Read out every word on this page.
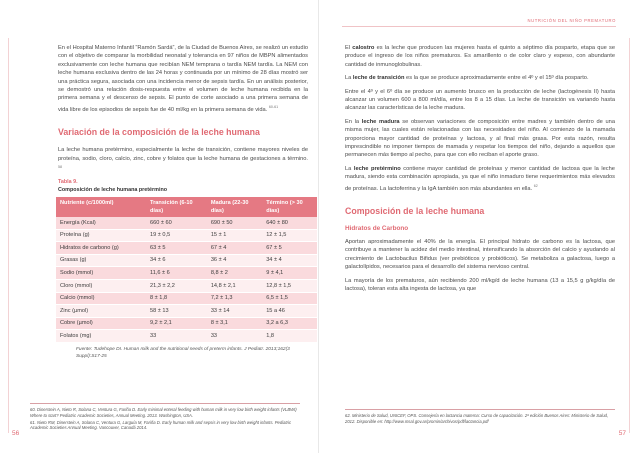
NUTRICIÓN DEL NIÑO PREMATURO

En el Hospital Materno Infantil “Ramón Sardá”, de la Ciudad de Buenos Aires, se realizó un estudio con el objetivo de comparar la morbilidad neonatal y tolerancia en 97 niños de MBPN alimentados exclusivamente con leche humana que recibían NEM temprana o tardía NEM tardía. La NEM con leche humana exclusiva dentro de las 24 horas y continuada por un mínimo de 28 días mostró ser una práctica segura, asociada con una incidencia menor de sepsis tardía. En un análisis posterior, se demostró una relación dosis-respuesta entre el volumen de leche humana recibida en la primera semana y el descenso de sepsis. El punto de corte asociado a una primera semana de vida libre de los episodios de sepsis fue de 40 ml/kg en la primera semana de vida. $^{60-61}$

Variación de la composición de la leche humana

La leche humana pretérmino, especialmente la leche de transición, contiene mayores niveles de proteína, sodio, cloro, calcio, zinc, cobre y folatos que la leche humana de gestaciones a término. $^{58}$

Tabla 9.
Composición de leche humana pretérmino
Nutriente (c/1000ml)	Transición (6-10 días)	Madura (22-30 días)	Término (> 30 días)
Energía (Kcal)	660 ± 60	690 ± 50	640 ± 80
Proteína (g)	19 ± 0,5	15 ± 1	12 ± 1,5
Hidratos de carbono (g)	63 ± 5	67 ± 4	67 ± 5
Grasas (g)	34 ± 6	36 ± 4	34 ± 4
Sodio (mmol)	11,6 ± 6	8,8 ± 2	9 ± 4,1
Cloro (mmol)	21,3 ± 2,2	14,8 ± 2,1	12,8 ± 1,5
Calcio (mmol)	8 ± 1,8	7,2 ± 1,3	6,5 ± 1,5
Zinc (µmol)	58 ± 13	33 ± 14	15 a 46
Cobre (µmol)	9,2 ± 2,1	8 ± 3,1	3,2 a 6,3
Folatos (mg)	33	33	1,8
Fuente: Tudehope DI. Human milk and the nutritional needs of preterm infants. J Pediatr. 2013;162(3 Suppl):S17-25
60. Dinerstein A, Nieto R, Solana C, Ventura G, Fariña D. Early minimal enteral feeding with human milk in very low birth weight infants (VLBWI) Where to start? Pediatric Academic Societies, Annual Meeting. 2013. Washington, USA.
61. Nieto RM, Dinerstein A, Solana C, Ventura G, Larguía M, Fariña D. Early human milk and sepsis in very low birth weight infants. Pediatric Academic Societies Annual Meeting. Vancouver, Canadá 2014.
56

El calostro es la leche que producen las mujeres hasta el quinto a séptimo día posparto, etapa que se produce el ingreso de los niños prematuros. Es amarillento o de color claro y espeso, con abundante cantidad de inmunoglobulinas.

La leche de transición es la que se produce aproximadamente entre el 4º y el 15º día posparto.

Entre el 4º y el 6º día se produce un aumento brusco en la producción de leche (lactogénesis II) hasta alcanzar un volumen 600 a 800 ml/día, entre los 8 a 15 días. La leche de transición va variando hasta alcanzar las características de la leche madura.

En la leche madura se observan variaciones de composición entre madres y también dentro de una misma mujer, las cuales están relacionadas con las necesidades del niño. Al comienzo de la mamada proporciona mayor cantidad de proteínas y lactosa, y al final más grasa. Por esta razón, resulta imprescindible no imponer tiempos de mamada y respetar los tiempos del niño, dejando a aquellos que permanecen más tiempo al pecho, para que con ello reciban el aporte graso.

La leche pretérmino contiene mayor cantidad de proteínas y menor cantidad de lactosa que la leche madura, siendo esta combinación apropiada, ya que el niño inmaduro tiene requerimientos más elevados de proteínas. La lactoferrina y la IgA también son más abundantes en ella. $^{62}$

Composición de la leche humana
Hidratos de Carbono

Aportan aproximadamente el 40% de la energía. El principal hidrato de carbono es la lactosa, que contribuye a mantener la acidez del medio intestinal, intensificando la absorción del calcio y ayudando al crecimiento de Lactobacilus Bifidus (ver prebióticos y probióticos). Se metaboliza a galactosa, luego a galactolípidos, necesarios para el desarrollo del sistema nervioso central.

La mayoría de los prematuros, aún recibiendo 200 ml/kg/d de leche humana (13 a 15,5 g g/kg/día de lactosa), toleran esta alta ingesta de lactosa, ya que

62. Ministerio de Salud, UNICEF, OPS. Consejería en lactancia materna: Curso de capacitación. 2ª edición Buenos Aires: Ministerio de Salud, 2012. Disponible en: http://www.msal.gov.ar/promin/archivos/pdf/lactancia.pdf
57
